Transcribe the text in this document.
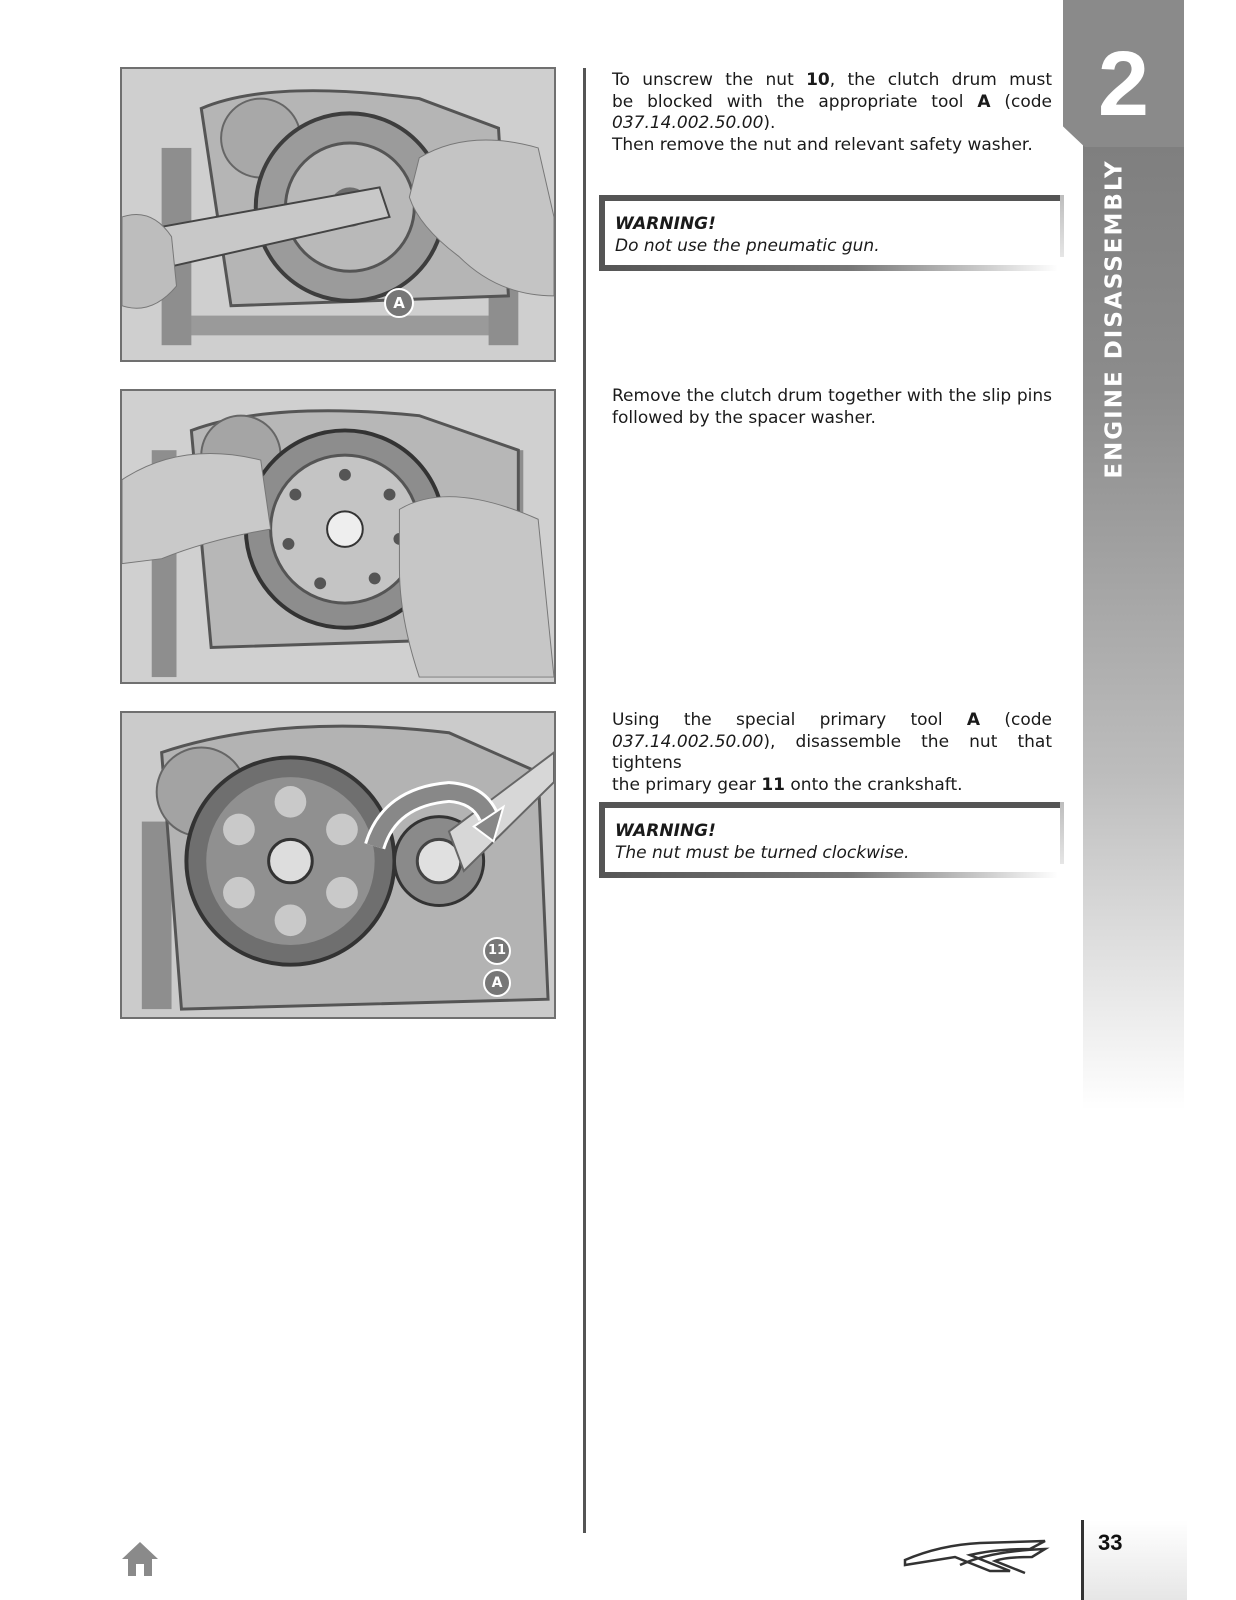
A
11
A
To unscrew the nut 10, the clutch drum must
be blocked with the appropriate tool A (code
037.14.002.50.00).
Then remove the nut and relevant safety washer.
WARNING!
Do not use the pneumatic gun.
Remove the clutch drum together with the slip pins
followed by the spacer washer.
Using the special primary tool A (code
037.14.002.50.00), disassemble the nut that tightens
the primary gear 11 onto the crankshaft.
WARNING!
The nut must be turned clockwise.
2
ENGINE DISASSEMBLY
33
